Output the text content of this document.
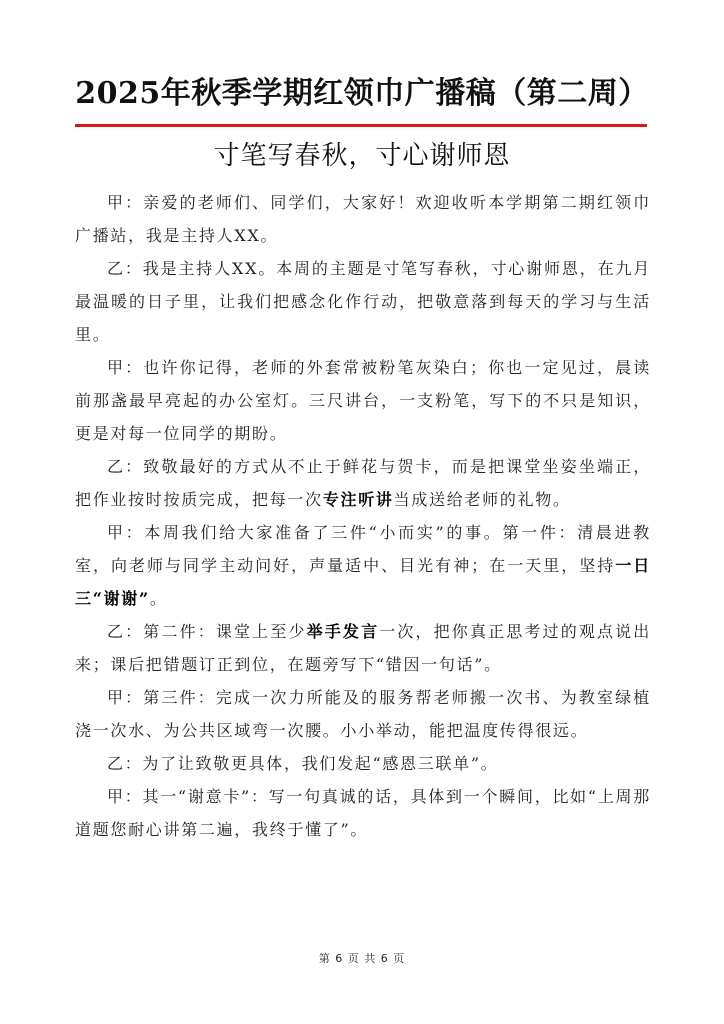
2025年秋季学期红领巾广播稿（第二周）
寸笔写春秋，寸心谢师恩

甲：亲爱的老师们、同学们，大家好！欢迎收听本学期第二期红领巾广播站，我是主持人XX。

乙：我是主持人XX。本周的主题是寸笔写春秋，寸心谢师恩，在九月最温暖的日子里，让我们把感念化作行动，把敬意落到每天的学习与生活里。

甲：也许你记得，老师的外套常被粉笔灰染白；你也一定见过，晨读前那盏最早亮起的办公室灯。三尺讲台，一支粉笔，写下的不只是知识，更是对每一位同学的期盼。

乙：致敬最好的方式从不止于鲜花与贺卡，而是把课堂坐姿坐端正，把作业按时按质完成，把每一次专注听讲当成送给老师的礼物。

甲：本周我们给大家准备了三件“小而实”的事。第一件：清晨进教室，向老师与同学主动问好，声量适中、目光有神；在一天里，坚持一日三“谢谢”。

乙：第二件：课堂上至少举手发言一次，把你真正思考过的观点说出来；课后把错题订正到位，在题旁写下“错因一句话”。

甲：第三件：完成一次力所能及的服务帮老师搬一次书、为教室绿植浇一次水、为公共区域弯一次腰。小小举动，能把温度传得很远。

乙：为了让致敬更具体，我们发起“感恩三联单”。

甲：其一“谢意卡”：写一句真诚的话，具体到一个瞬间，比如“上周那道题您耐心讲第二遍，我终于懂了”。

第 6 页 共 6 页
